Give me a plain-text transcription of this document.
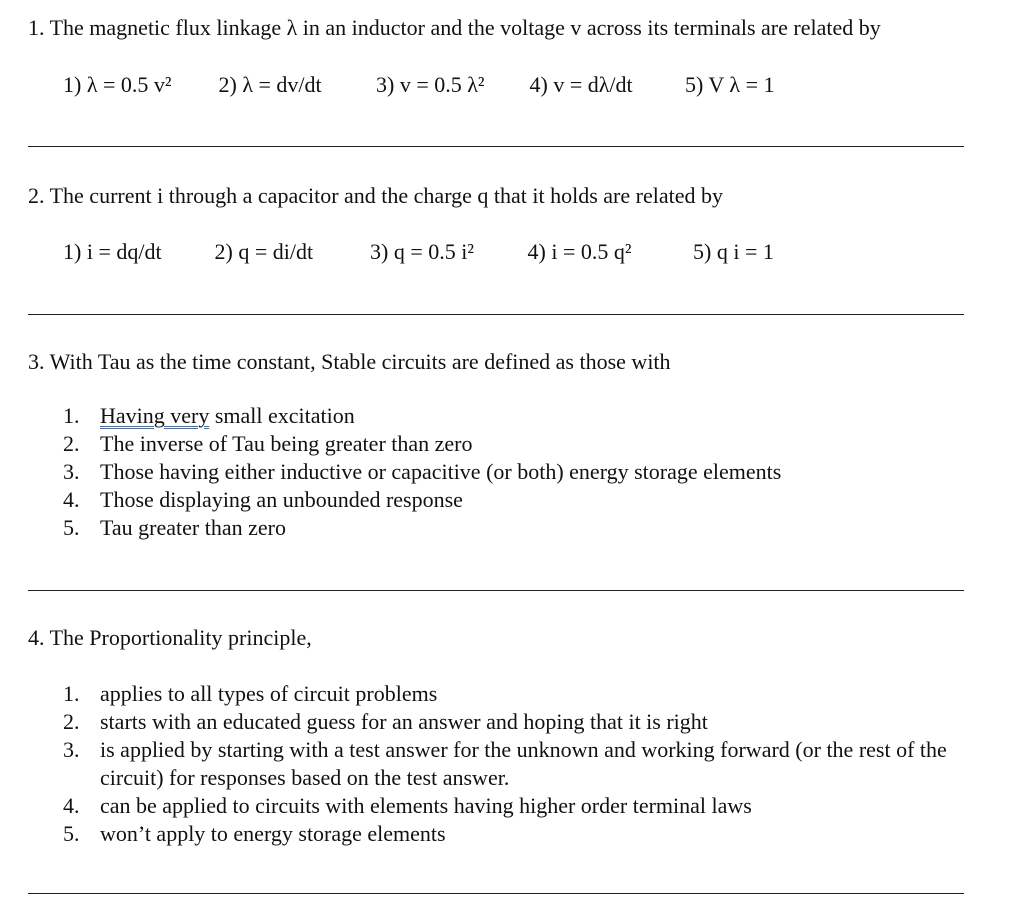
1. The magnetic flux linkage λ in an inductor and the voltage v across its terminals are related by
1) λ = 0.5 v² 2) λ = dv/dt 3) v = 0.5 λ² 4) v = dλ/dt 5) V λ = 1
2. The current i through a capacitor and the charge q that it holds are related by
1) i = dq/dt 2) q = di/dt	3) q = 0.5 i² 4) i = 0.5 q²	5) q i = 1
3. With Tau as the time constant, Stable circuits are defined as those with
1. Having very small excitation
2. The inverse of Tau being greater than zero
3. Those having either inductive or capacitive (or both) energy storage elements
4. Those displaying an unbounded response
5. Tau greater than zero
4. The Proportionality principle,
1. applies to all types of circuit problems
2. starts with an educated guess for an answer and hoping that it is right
3. is applied by starting with a test answer for the unknown and working forward (or the rest of the circuit) for responses based on the test answer.
4. can be applied to circuits with elements having higher order terminal laws
5. won’t apply to energy storage elements
